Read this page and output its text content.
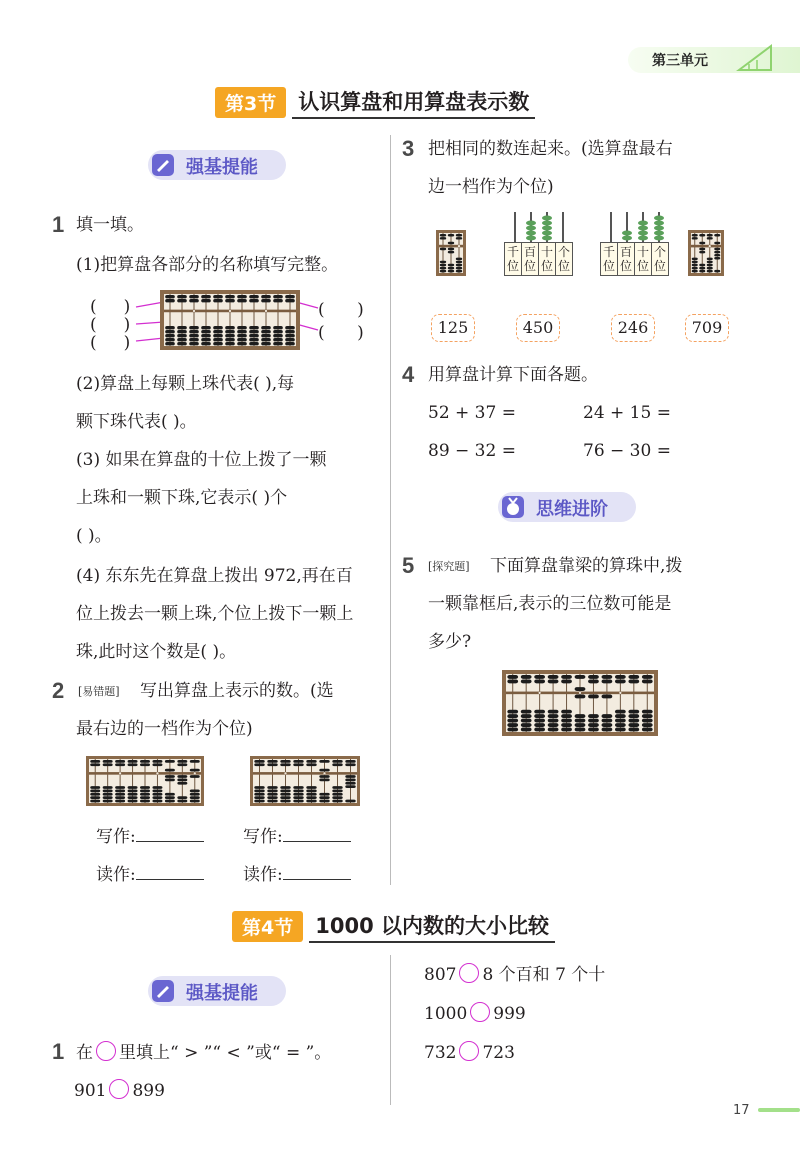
第三单元
第3节	认识算盘和用算盘表示数
强基提能
1 填一填。
(1)把算盘各部分的名称填写完整。
( )
( )
( )
( )
( )
(2)算盘上每颗上珠代表( ),每
颗下珠代表( )。
(3) 如果在算盘的十位上拨了一颗
上珠和一颗下珠,它表示( )个
( )。
(4) 东东先在算盘上拨出 972,再在百
位上拨去一颗上珠,个位上拨下一颗上
珠,此时这个数是( )。
2 [易错题] 写出算盘上表示的数。(选
最右边的一档作为个位)
写作:	写作:
读作:	读作:
3 把相同的数连起来。(选算盘最右
边一档作为个位)
千位
百位
十位
个位
千位
百位
十位
个位
125	450	246	709
4 用算盘计算下面各题。
52 + 37 =	24 + 15 =
89 − 32 =	76 − 30 =
思维进阶
5 [探究题] 下面算盘靠梁的算珠中,拨
一颗靠框后,表示的三位数可能是
多少?
第4节	1000 以内数的大小比较
强基提能
1 在 里填上“ > ”“ < ”或“ = ”。
901 899
807 8 个百和 7 个十
1000 999
732 723
17
